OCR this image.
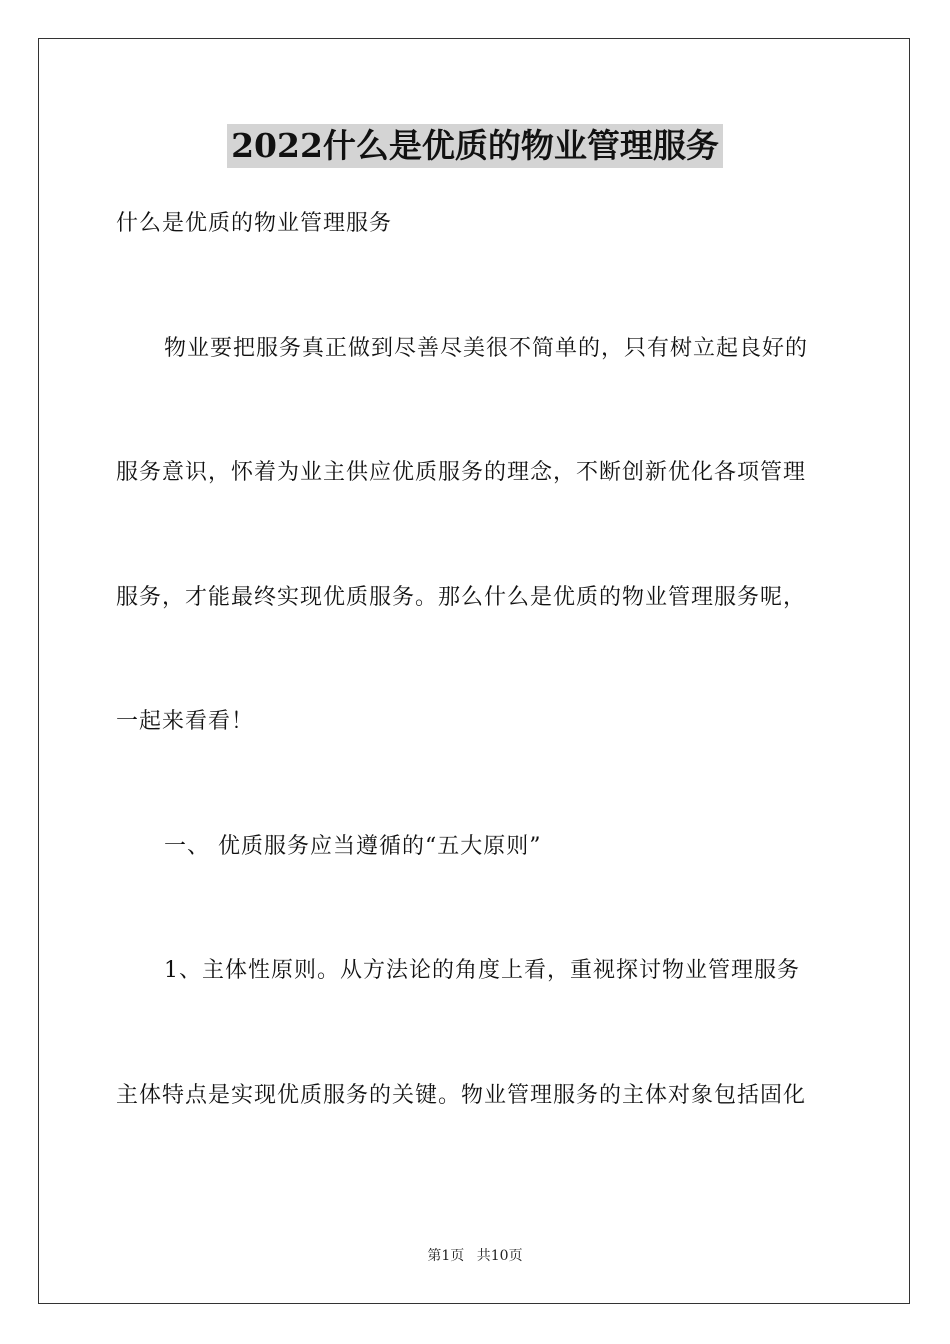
2022什么是优质的物业管理服务
什么是优质的物业管理服务
物业要把服务真正做到尽善尽美很不简单的，只有树立起良好的
服务意识，怀着为业主供应优质服务的理念，不断创新优化各项管理
服务，才能最终实现优质服务。那么什么是优质的物业管理服务呢，
一起来看看！
一、 优质服务应当遵循的“五大原则”
1、主体性原则。从方法论的角度上看，重视探讨物业管理服务
主体特点是实现优质服务的关键。物业管理服务的主体对象包括固化
第1页 共10页
